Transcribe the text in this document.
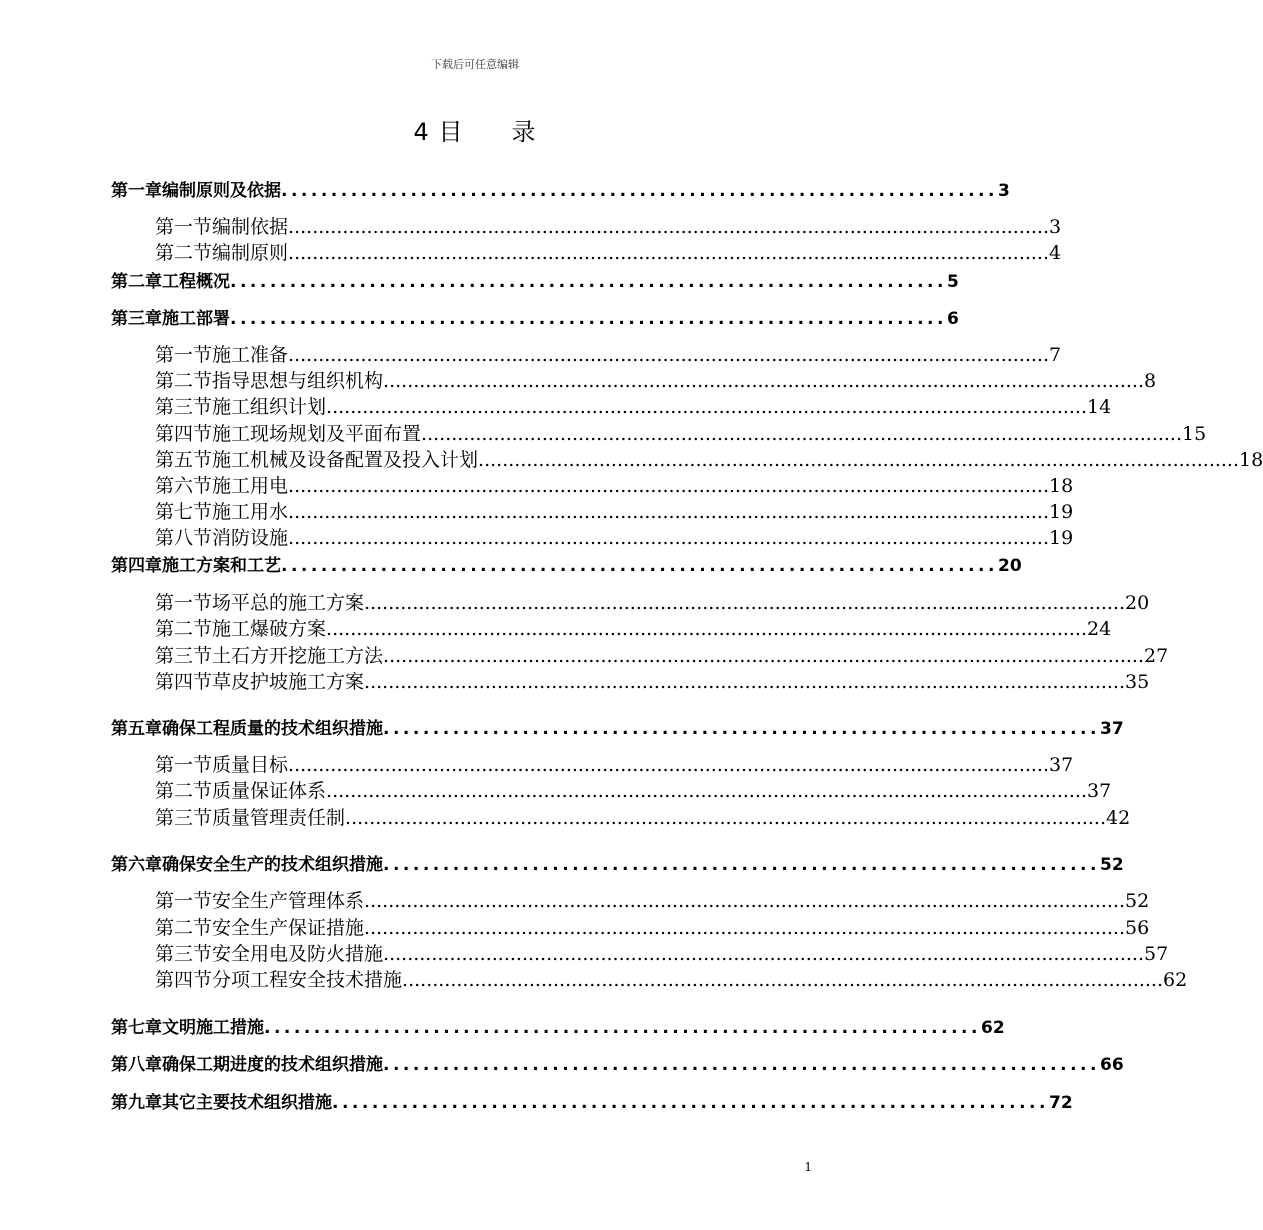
下载后可任意编辑
4 目 录
第一章 编制原则及依据 ........................................................................ 3
第一节 编制依据 .............................................................................................................................. 3
第二节 编制原则 .............................................................................................................................. 4
第二章 工程概况 ........................................................................ 5
第三章 施工部署 ........................................................................ 6
第一节 施工准备 .............................................................................................................................. 7
第二节 指导思想与组织机构 .............................................................................................................................. 8
第三节 施工组织计划 .............................................................................................................................. 14
第四节 施工现场规划及平面布置 .............................................................................................................................. 15
第五节 施工机械及设备配置及投入计划 .............................................................................................................................. 18
第六节 施工用电 .............................................................................................................................. 18
第七节 施工用水 .............................................................................................................................. 19
第八节 消防设施 .............................................................................................................................. 19
第四章 施工方案和工艺 ........................................................................ 20
第一节 场平总的施工方案 .............................................................................................................................. 20
第二节 施工爆破方案 .............................................................................................................................. 24
第三节 土石方开挖施工方法 .............................................................................................................................. 27
第四节 草皮护坡施工方案 .............................................................................................................................. 35
第五章 确保工程质量的技术组织措施 ........................................................................ 37
第一节 质量目标 .............................................................................................................................. 37
第二节 质量保证体系 .............................................................................................................................. 37
第三节 质量管理责任制 .............................................................................................................................. 42
第六章 确保安全生产的技术组织措施 ........................................................................ 52
第一节 安全生产管理体系 .............................................................................................................................. 52
第二节 安全生产保证措施 .............................................................................................................................. 56
第三节 安全用电及防火措施 .............................................................................................................................. 57
第四节 分项工程安全技术措施 .............................................................................................................................. 62
第七章 文明施工措施 ........................................................................ 62
第八章 确保工期进度的技术组织措施 ........................................................................ 66
第九章 其它主要技术组织措施 ........................................................................ 72
1
